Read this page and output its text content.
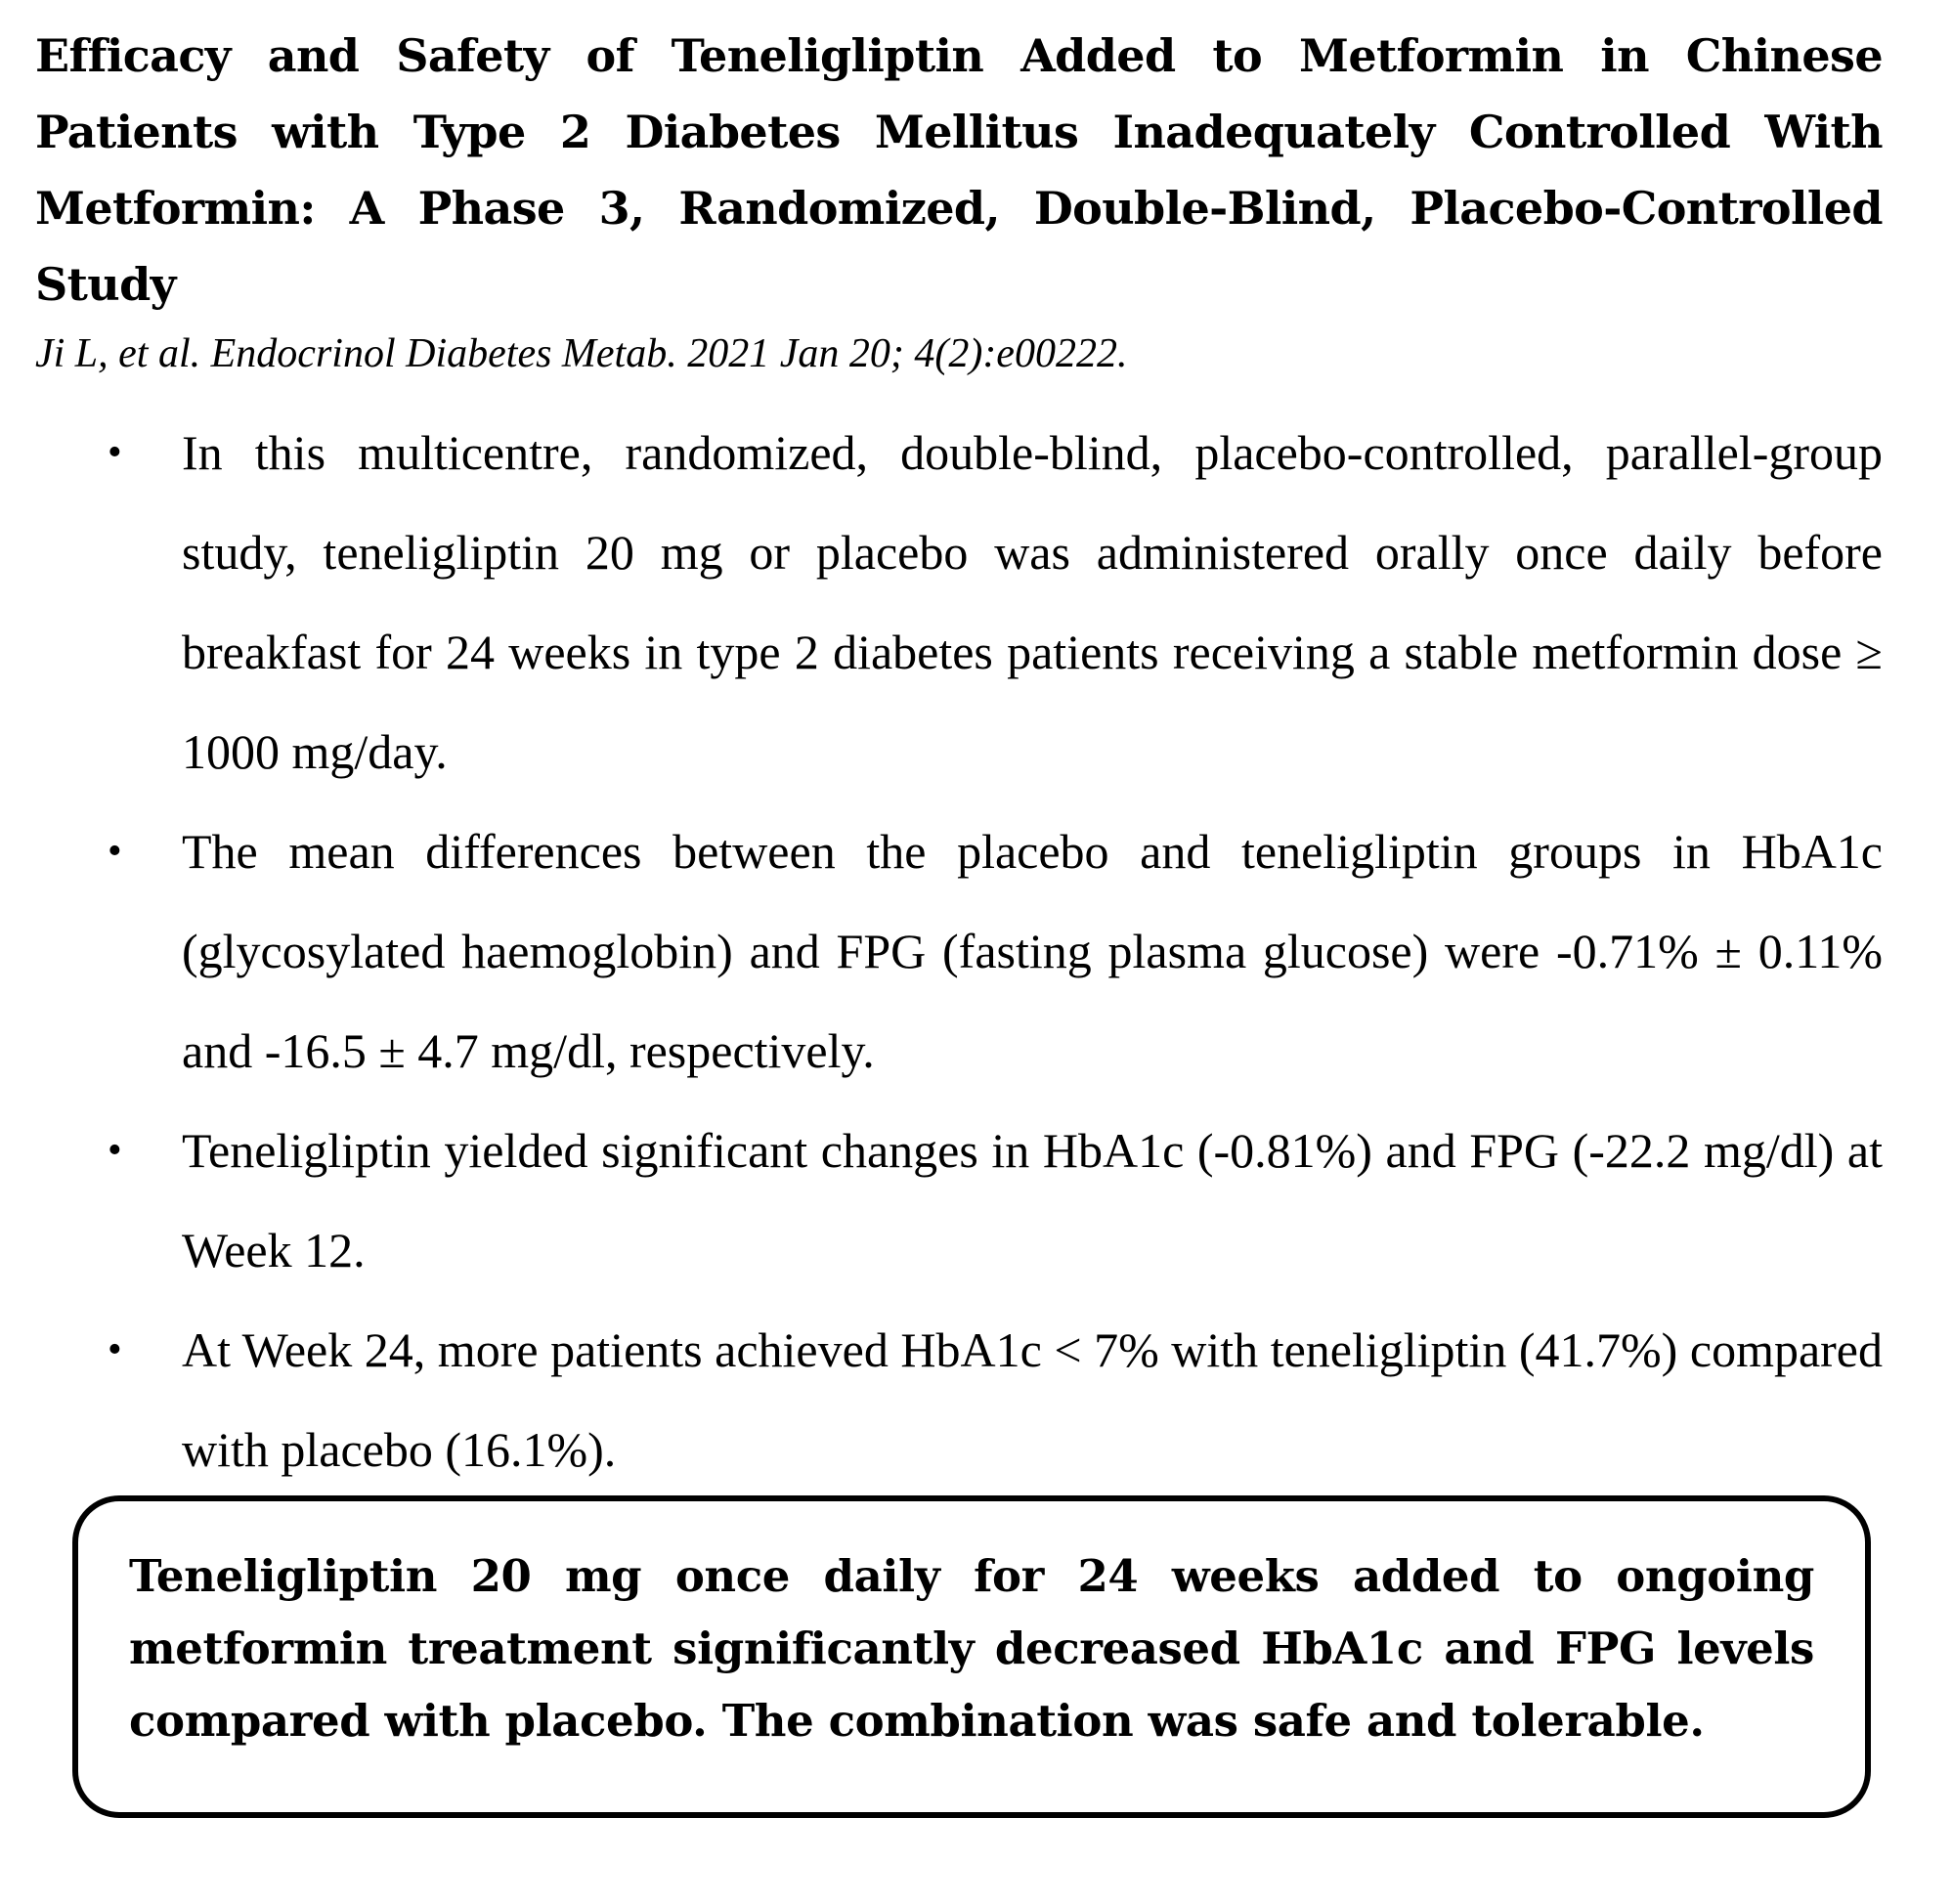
Efficacy and Safety of Teneligliptin Added to Metformin in Chinese Patients with Type 2 Diabetes Mellitus Inadequately Controlled With Metformin: A Phase 3, Randomized, Double-Blind, Placebo-Controlled Study

Ji L, et al. Endocrinol Diabetes Metab. 2021 Jan 20; 4(2):e00222.

• In this multicentre, randomized, double-blind, placebo-controlled, parallel-group study, teneligliptin 20 mg or placebo was administered orally once daily before breakfast for 24 weeks in type 2 diabetes patients receiving a stable metformin dose ≥ 1000 mg/day.
• The mean differences between the placebo and teneligliptin groups in HbA1c (glycosylated haemoglobin) and FPG (fasting plasma glucose) were -0.71% ± 0.11% and -16.5 ± 4.7 mg/dl, respectively.
• Teneligliptin yielded significant changes in HbA1c (-0.81%) and FPG (-22.2 mg/dl) at Week 12.
• At Week 24, more patients achieved HbA1c < 7% with teneligliptin (41.7%) compared with placebo (16.1%).

Teneligliptin 20 mg once daily for 24 weeks added to ongoing metformin treatment significantly decreased HbA1c and FPG levels compared with placebo. The combination was safe and tolerable.
